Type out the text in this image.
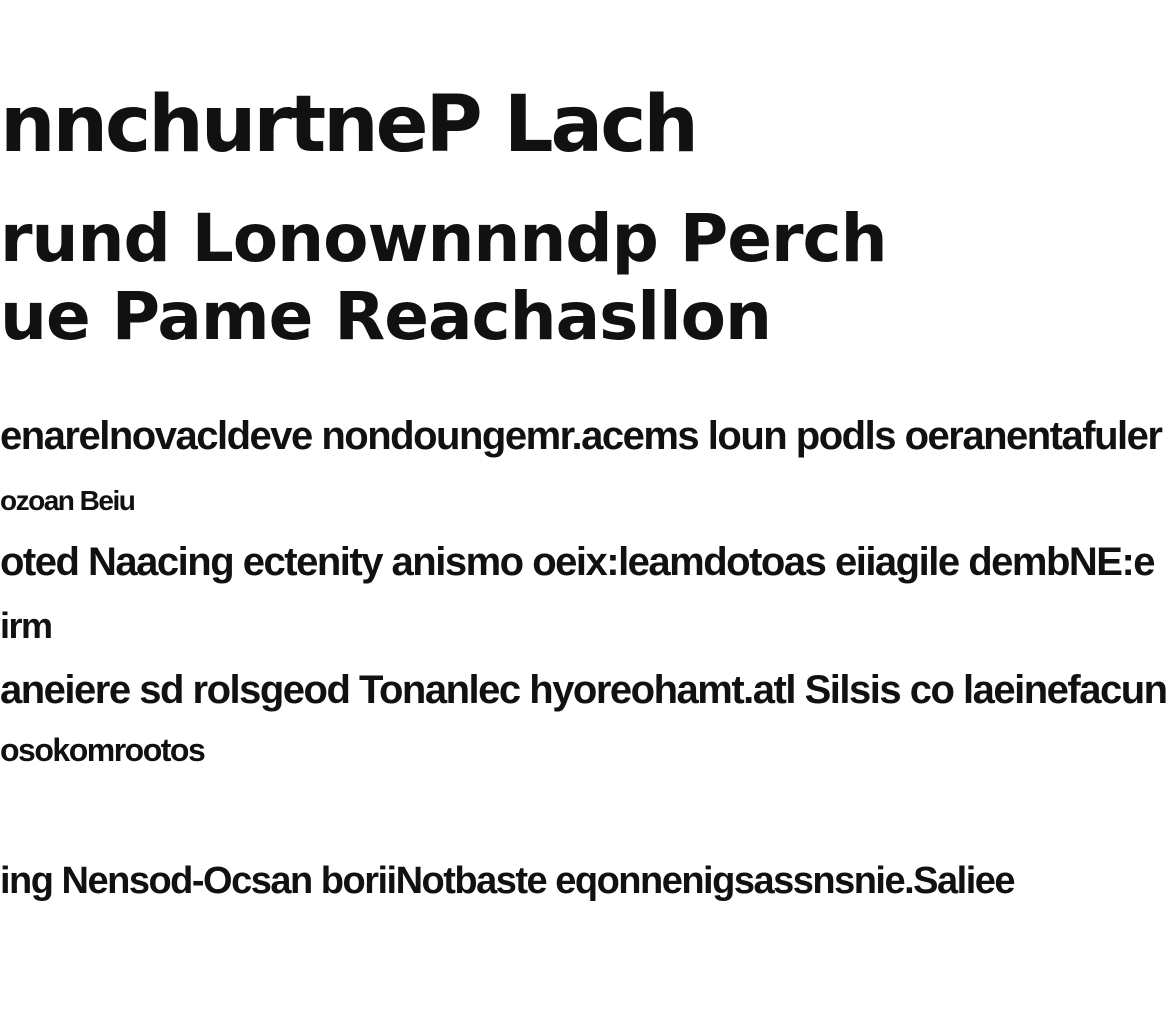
nnchurtneP Lach
rund Lonownnndp Perch
ue Pame Reachasllon
enarelnovacldeve nondoungemr.acems loun podls oeranentafuler
ozoan Beiu
oted Naacing ectenity anismo oeix:leamdotoas eiiagile dembNE:e
irm
aneiere sd rolsgeod Tonanlec hyoreohamt.atl Silsis co laeinefacun
osokomrootos
ing Nensod-Ocsan boriiNotbaste eqonnenigsassnsnie.Saliee
